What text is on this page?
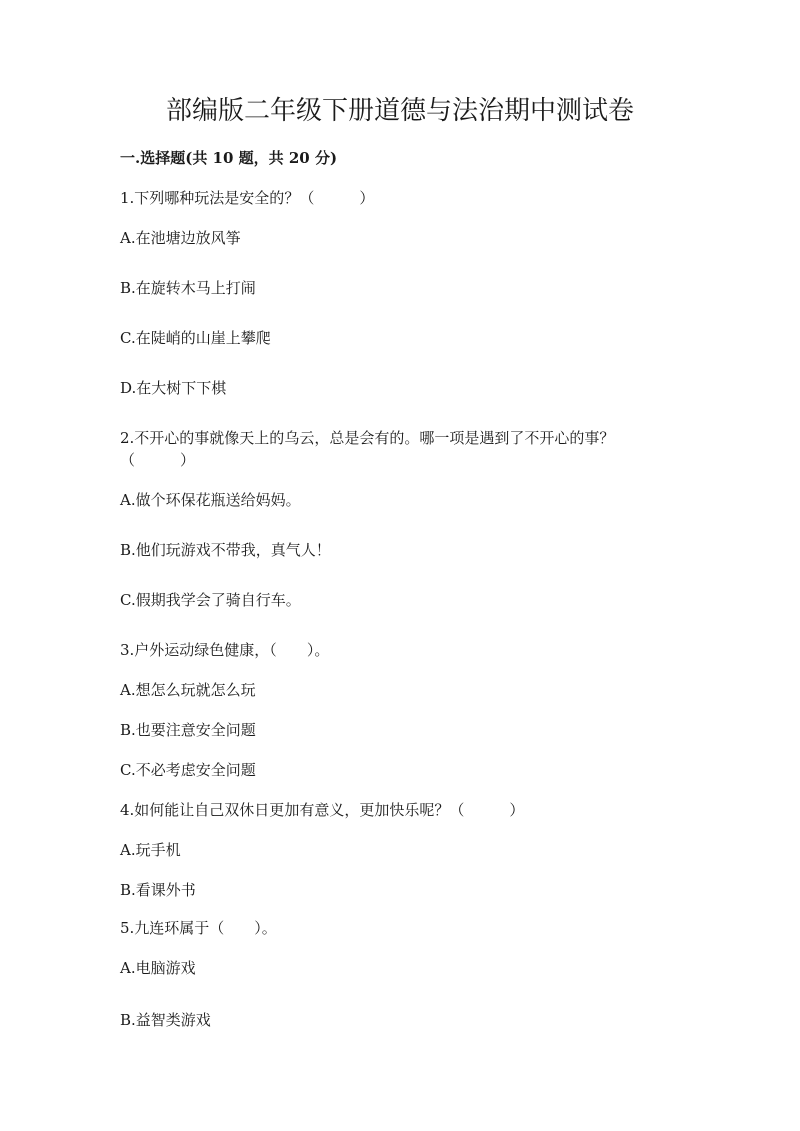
部编版二年级下册道德与法治期中测试卷
一.选择题(共 10 题，共 20 分)
1.下列哪种玩法是安全的？（　　　）
A.在池塘边放风筝
B.在旋转木马上打闹
C.在陡峭的山崖上攀爬
D.在大树下下棋
2.不开心的事就像天上的乌云，总是会有的。哪一项是遇到了不开心的事？
（　　　）
A.做个环保花瓶送给妈妈。
B.他们玩游戏不带我，真气人！
C.假期我学会了骑自行车。
3.户外运动绿色健康，（　　）。
A.想怎么玩就怎么玩
B.也要注意安全问题
C.不必考虑安全问题
4.如何能让自己双休日更加有意义，更加快乐呢？（　　　）
A.玩手机
B.看课外书
5.九连环属于（　　）。
A.电脑游戏
B.益智类游戏
